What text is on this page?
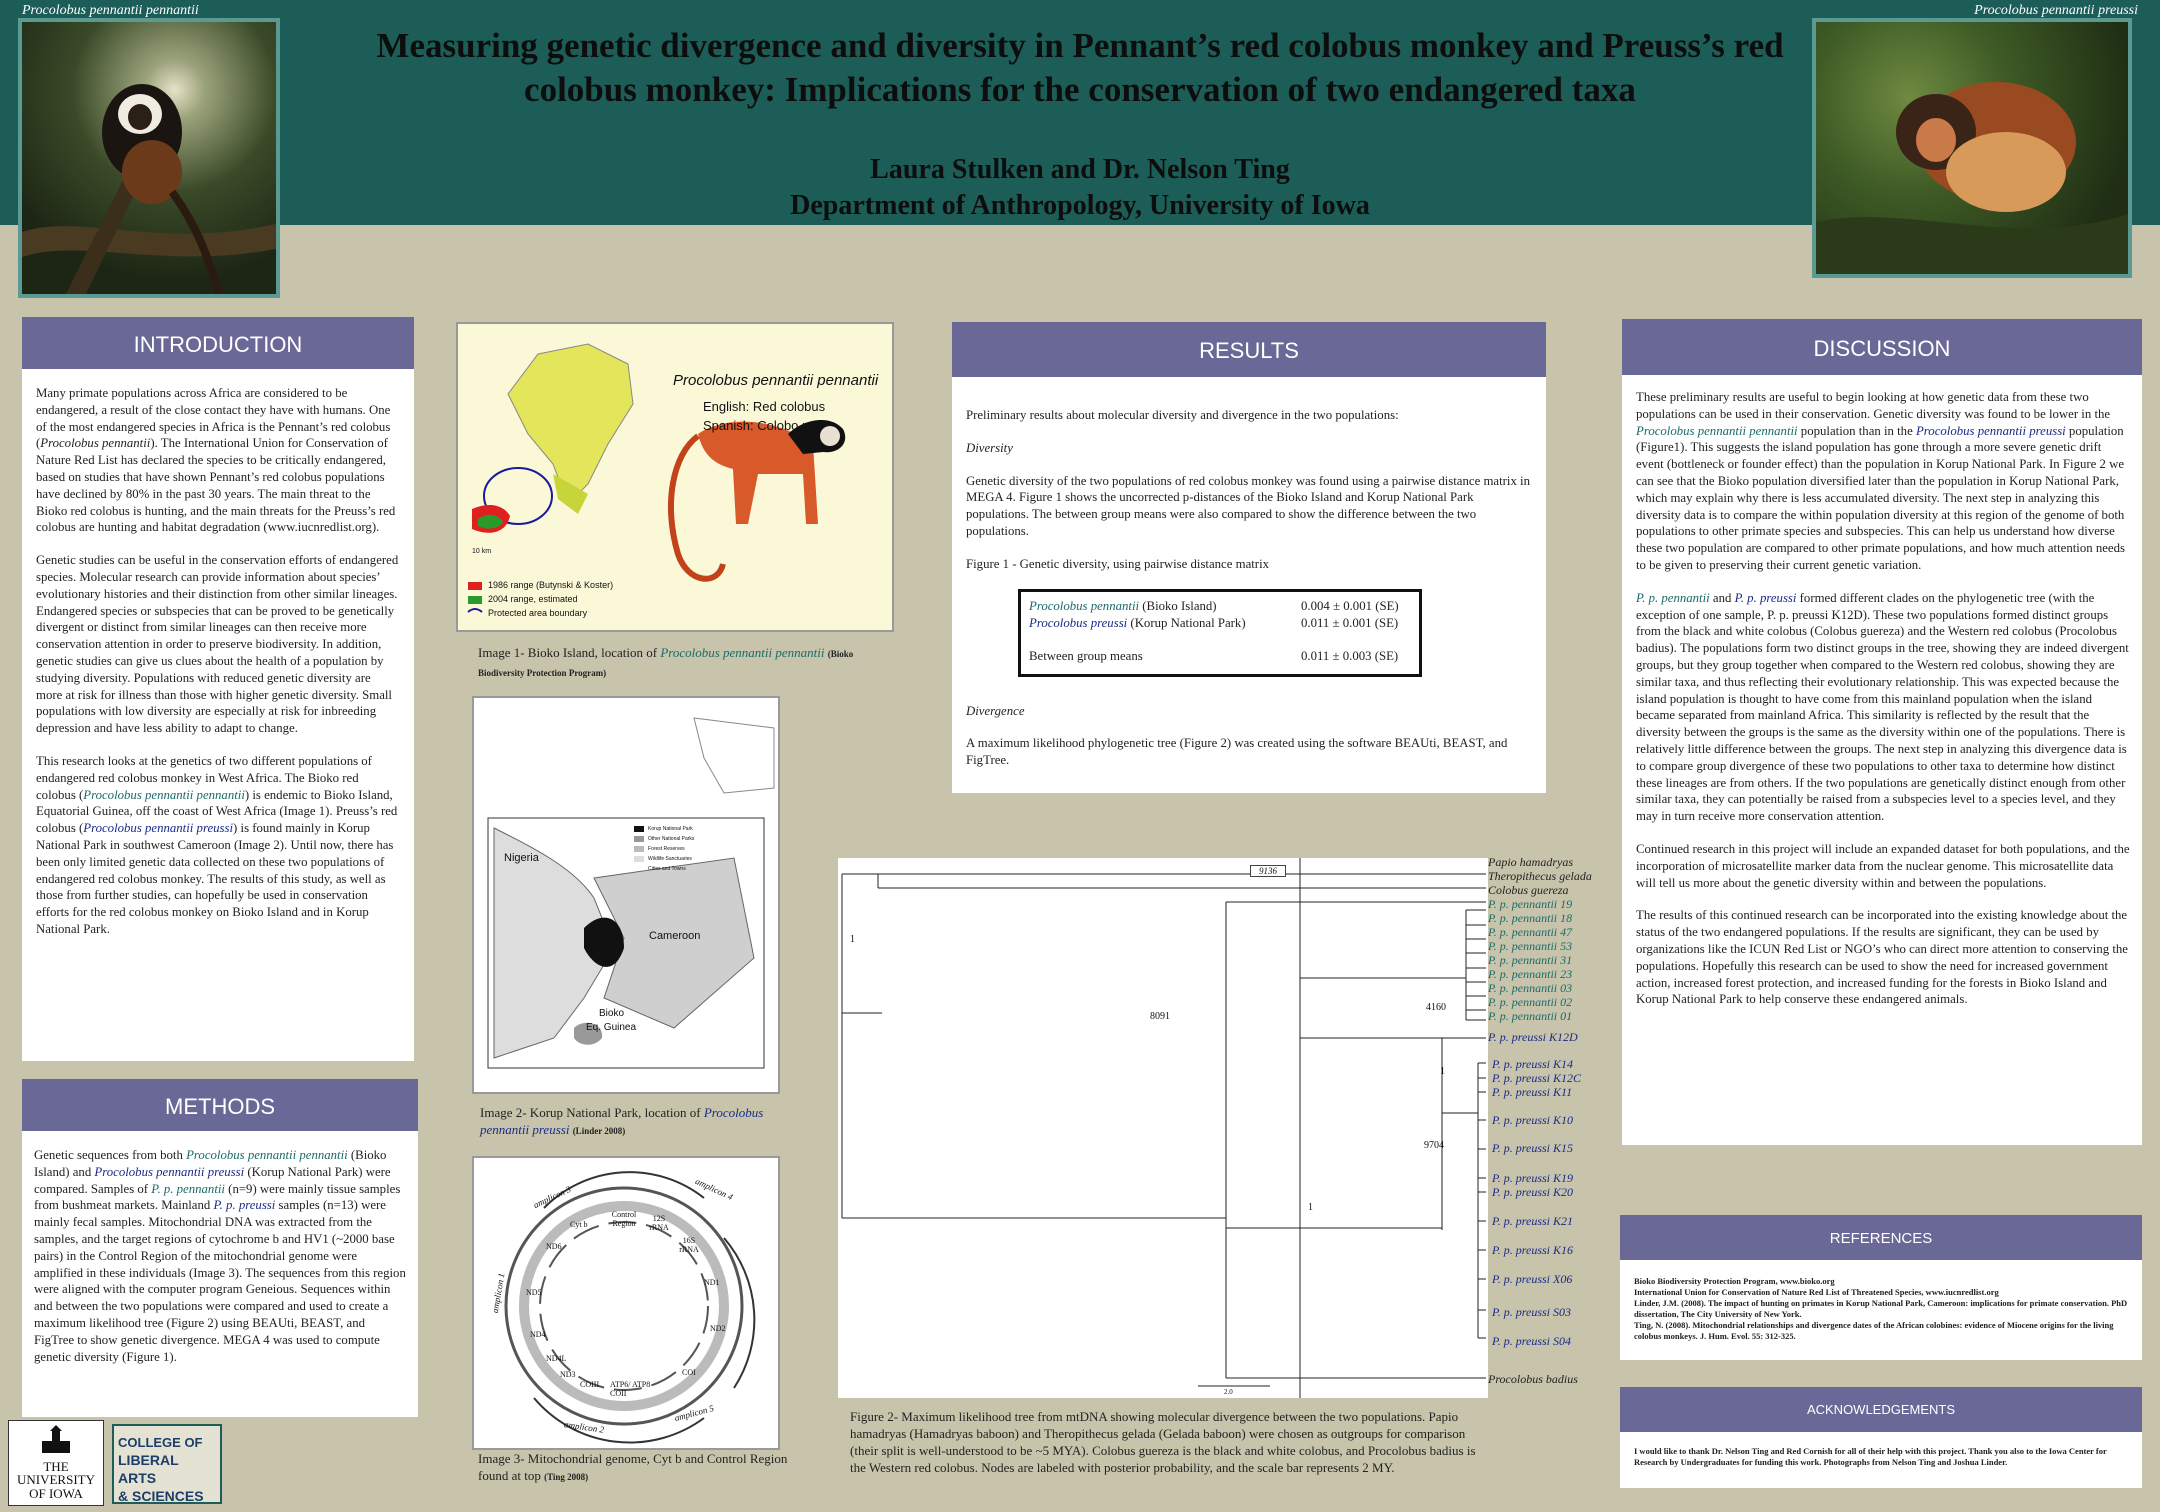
Procolobus pennantii pennantii	Procolobus pennantii preussi
Measuring genetic divergence and diversity in Pennant’s red colobus monkey and Preuss’s red colobus monkey: Implications for the conservation of two endangered taxa
Laura Stulken and Dr. Nelson Ting
Department of Anthropology, University of Iowa
INTRODUCTION

Many primate populations across Africa are considered to be endangered, a result of the close contact they have with humans. One of the most endangered species in Africa is the Pennant’s red colobus (Procolobus pennantii). The International Union for Conservation of Nature Red List has declared the species to be critically endangered, based on studies that have shown Pennant’s red colobus populations have declined by 80% in the past 30 years. The main threat to the Bioko red colobus is hunting, and the main threats for the Preuss’s red colobus are hunting and habitat degradation (www.iucnredlist.org).

Genetic studies can be useful in the conservation efforts of endangered species. Molecular research can provide information about species’ evolutionary histories and their distinction from other similar lineages. Endangered species or subspecies that can be proved to be genetically divergent or distinct from similar lineages can then receive more conservation attention in order to preserve biodiversity. In addition, genetic studies can give us clues about the health of a population by studying diversity. Populations with reduced genetic diversity are more at risk for illness than those with higher genetic diversity. Small populations with low diversity are especially at risk for inbreeding depression and have less ability to adapt to change.

This research looks at the genetics of two different populations of endangered red colobus monkey in West Africa. The Bioko red colobus (Procolobus pennantii pennantii) is endemic to Bioko Island, Equatorial Guinea, off the coast of West Africa (Image 1). Preuss’s red colobus (Procolobus pennantii preussi) is found mainly in Korup National Park in southwest Cameroon (Image 2). Until now, there has been only limited genetic data collected on these two populations of endangered red colobus monkey. The results of this study, as well as those from further studies, can hopefully be used in conservation efforts for the red colobus monkey on Bioko Island and in Korup National Park.

METHODS

Genetic sequences from both Procolobus pennantii pennantii (Bioko Island) and Procolobus pennantii preussi (Korup National Park) were compared. Samples of P. p. pennantii (n=9) were mainly tissue samples from bushmeat markets. Mainland P. p. preussi samples (n=13) were mainly fecal samples. Mitochondrial DNA was extracted from the samples, and the target regions of cytochrome b and HV1 (~2000 base pairs) in the Control Region of the mitochondrial genome were amplified in these individuals (Image 3). The sequences from this region were aligned with the computer program Geneious. Sequences within and between the two populations were compared and used to create a maximum likelihood tree (Figure 2) using BEAUti, BEAST, and FigTree to show genetic divergence. MEGA 4 was used to compute genetic diversity (Figure 1).

THE
UNIVERSITY
OF IOWA
COLLEGE OF
LIBERAL ARTS
& SCIENCES
Procolobus pennantii pennantii
English: Red colobus
Spanish: Colobo rojo
10 km
1986 range (Butynski & Koster)
2004 range, estimated
Protected area boundary
Image 1- Bioko Island, location of Procolobus pennantii pennantii (Bioko Biodiversity Protection Program)
Nigeria
Cameroon
Bioko
Eq. Guinea
Korup National Park
Other National Parks
Forest Reserves
Wildlife Sanctuaries
Cities and Towns
Image 2- Korup National Park, location of Procolobus pennantii preussi (Linder 2008)
amplicon 3	amplicon 4
amplicon 1
amplicon 5
amplicon 2
Cyt b
Control Region
12S rRNA
16S rRNA
ND6
ND5
ND1
ND2
ND4
ND4L
ND3
COIII ATP6/ ATP8 COII
COI
Image 3- Mitochondrial genome, Cyt b and Control Region found at top (Ting 2008)
RESULTS

Preliminary results about molecular diversity and divergence in the two populations:

Diversity

Genetic diversity of the two populations of red colobus monkey was found using a pairwise distance matrix in MEGA 4. Figure 1 shows the uncorrected p-distances of the Bioko Island and Korup National Park populations. The between group means were also compared to show the difference between the two populations.

Figure 1 - Genetic diversity, using pairwise distance matrix

Procolobus pennantii (Bioko Island)	0.004 ± 0.001 (SE)
Procolobus preussi (Korup National Park)	0.011 ± 0.001 (SE)
Between group means	0.011 ± 0.003 (SE)

Divergence

A maximum likelihood phylogenetic tree (Figure 2) was created using the software BEAUti, BEAST, and FigTree.

9136
1
8091
4160
1
9704
1
2.0
Papio hamadryas
Theropithecus gelada
Colobus guereza
P. p. pennantii 19
P. p. pennantii 18
P. p. pennantii 47
P. p. pennantii 53
P. p. pennantii 31
P. p. pennantii 23
P. p. pennantii 03
P. p. pennantii 02
P. p. pennantii 01
P. p. preussi K12D
P. p. preussi K14
P. p. preussi K12C
P. p. preussi K11
P. p. preussi K10
P. p. preussi K15
P. p. preussi K19
P. p. preussi K20
P. p. preussi K21
P. p. preussi K16
P. p. preussi X06
P. p. preussi S03
P. p. preussi S04
Procolobus badius
Figure 2- Maximum likelihood tree from mtDNA showing molecular divergence between the two populations. Papio hamadryas (Hamadryas baboon) and Theropithecus gelada (Gelada baboon) were chosen as outgroups for comparison (their split is well-understood to be ~5 MYA). Colobus guereza is the black and white colobus, and Procolobus badius is the Western red colobus. Nodes are labeled with posterior probability, and the scale bar represents 2 MY.
DISCUSSION

These preliminary results are useful to begin looking at how genetic data from these two populations can be used in their conservation. Genetic diversity was found to be lower in the Procolobus pennantii pennantii population than in the Procolobus pennantii preussi population (Figure1). This suggests the island population has gone through a more severe genetic drift event (bottleneck or founder effect) than the population in Korup National Park. In Figure 2 we can see that the Bioko population diversified later than the population in Korup National Park, which may explain why there is less accumulated diversity. The next step in analyzing this diversity data is to compare the within population diversity at this region of the genome of both populations to other primate species and subspecies. This can help us understand how diverse these two population are compared to other primate populations, and how much attention needs to be given to preserving their current genetic variation.

P. p. pennantii and P. p. preussi formed different clades on the phylogenetic tree (with the exception of one sample, P. p. preussi K12D). These two populations formed distinct groups from the black and white colobus (Colobus guereza) and the Western red colobus (Procolobus badius). The populations form two distinct groups in the tree, showing they are indeed divergent groups, but they group together when compared to the Western red colobus, showing they are similar taxa, and thus reflecting their evolutionary relationship. This was expected because the island population is thought to have come from this mainland population when the island became separated from mainland Africa. This similarity is reflected by the result that the diversity between the groups is the same as the diversity within one of the populations. There is relatively little difference between the groups. The next step in analyzing this divergence data is to compare group divergence of these two populations to other taxa to determine how distinct these lineages are from others. If the two populations are genetically distinct enough from other similar taxa, they can potentially be raised from a subspecies level to a species level, and they may in turn receive more conservation attention.

Continued research in this project will include an expanded dataset for both populations, and the incorporation of microsatellite marker data from the nuclear genome. This microsatellite data will tell us more about the genetic diversity within and between the populations.

The results of this continued research can be incorporated into the existing knowledge about the status of the two endangered populations. If the results are significant, they can be used by organizations like the ICUN Red List or NGO’s who can direct more attention to conserving the populations. Hopefully this research can be used to show the need for increased government action, increased forest protection, and increased funding for the forests in Bioko Island and Korup National Park to help conserve these endangered animals.

REFERENCES

Bioko Biodiversity Protection Program, www.bioko.org

International Union for Conservation of Nature Red List of Threatened Species, www.iucnredlist.org

Linder, J.M. (2008). The impact of hunting on primates in Korup National Park, Cameroon: implications for primate conservation. PhD dissertation, The City University of New York.

Ting, N. (2008). Mitochondrial relationships and divergence dates of the African colobines: evidence of Miocene origins for the living colobus monkeys. J. Hum. Evol. 55: 312-325.

ACKNOWLEDGEMENTS

I would like to thank Dr. Nelson Ting and Red Cornish for all of their help with this project. Thank you also to the Iowa Center for Research by Undergraduates for funding this work. Photographs from Nelson Ting and Joshua Linder.
